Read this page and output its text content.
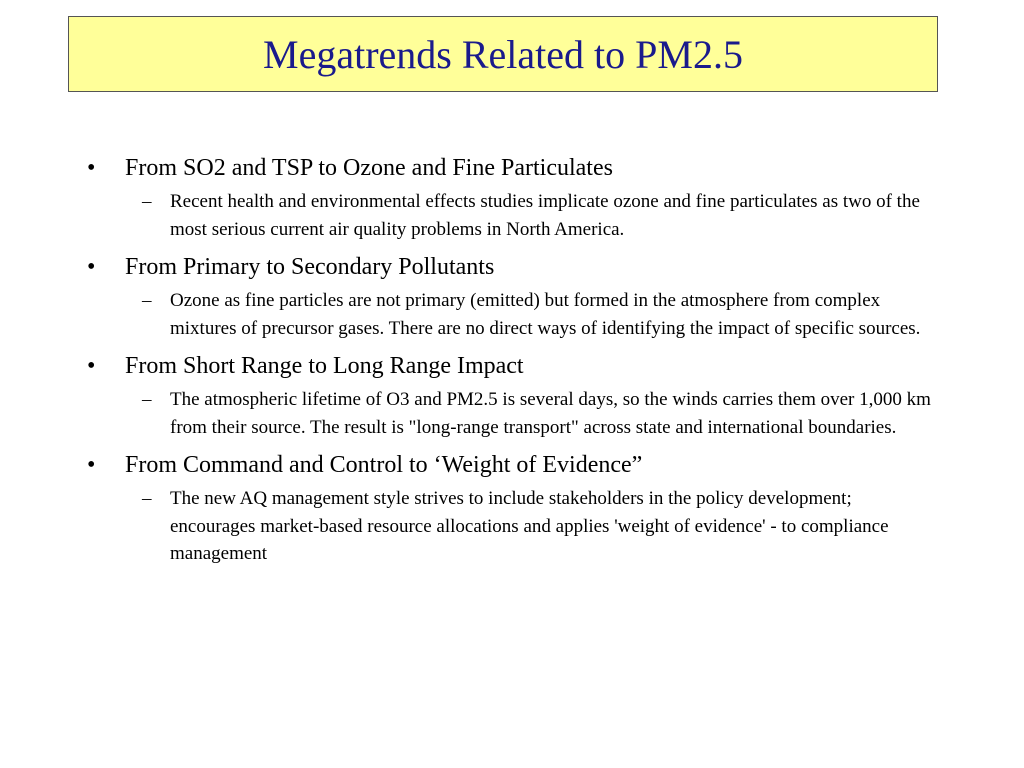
Megatrends Related to PM2.5
• From SO2 and TSP to Ozone and Fine Particulates
– Recent health and environmental effects studies implicate ozone and fine particulates as two of the most serious current air quality problems in North America.
• From Primary to Secondary Pollutants
– Ozone as fine particles are not primary (emitted) but formed in the atmosphere from complex mixtures of precursor gases. There are no direct ways of identifying the impact of specific sources.
• From Short Range to Long Range Impact
– The atmospheric lifetime of O3 and PM2.5 is several days, so the winds carries them over 1,000 km from their source. The result is "long-range transport" across state and international boundaries.
• From Command and Control to ‘Weight of Evidence”
– The new AQ management style strives to include stakeholders in the policy development; encourages market-based resource allocations and applies 'weight of evidence' - to compliance management
